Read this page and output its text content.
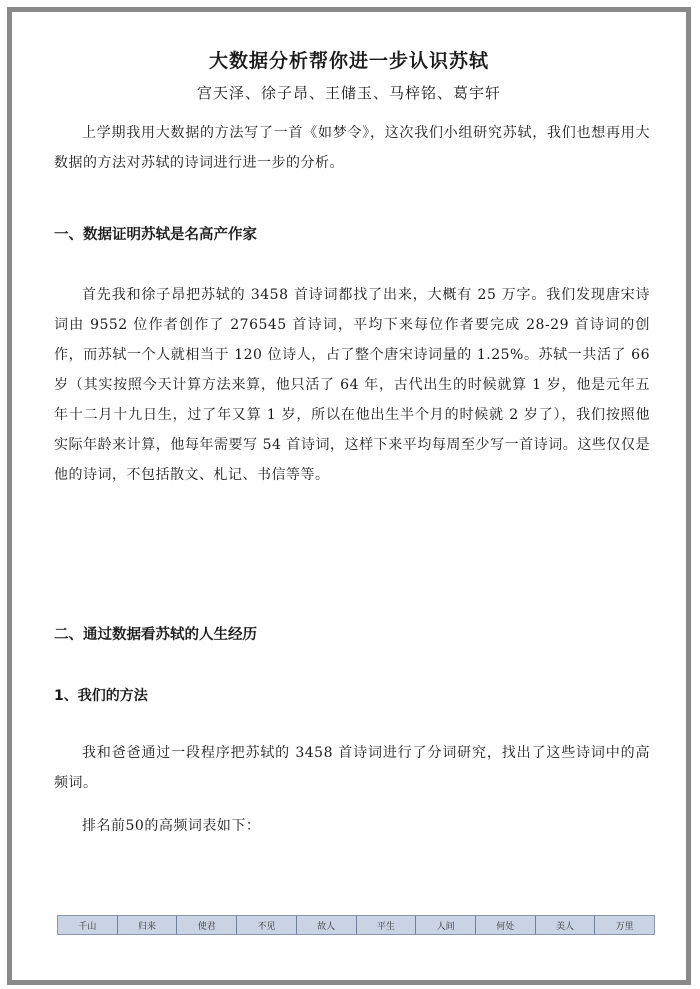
大数据分析帮你进一步认识苏轼
宫天泽、徐子昂、王储玉、马梓铭、葛宇轩
上学期我用大数据的方法写了一首《如梦令》，这次我们小组研究苏轼，我们也想再用大数据的方法对苏轼的诗词进行进一步的分析。
一、数据证明苏轼是名高产作家
首先我和徐子昂把苏轼的 3458 首诗词都找了出来，大概有 25 万字。我们发现唐宋诗词由 9552 位作者创作了 276545 首诗词，平均下来每位作者要完成 28-29 首诗词的创作，而苏轼一个人就相当于 120 位诗人，占了整个唐宋诗词量的 1.25%。苏轼一共活了 66 岁（其实按照今天计算方法来算，他只活了 64 年，古代出生的时候就算 1 岁，他是元年五年十二月十九日生，过了年又算 1 岁，所以在他出生半个月的时候就 2 岁了），我们按照他实际年龄来计算，他每年需要写 54 首诗词，这样下来平均每周至少写一首诗词。这些仅仅是他的诗词，不包括散文、札记、书信等等。
二、通过数据看苏轼的人生经历
1、我们的方法
我和爸爸通过一段程序把苏轼的 3458 首诗词进行了分词研究，找出了这些诗词中的高频词。
排名前50的高频词表如下：
千山	归来	使君	不见	故人	平生	人间	何处	美人	万里
